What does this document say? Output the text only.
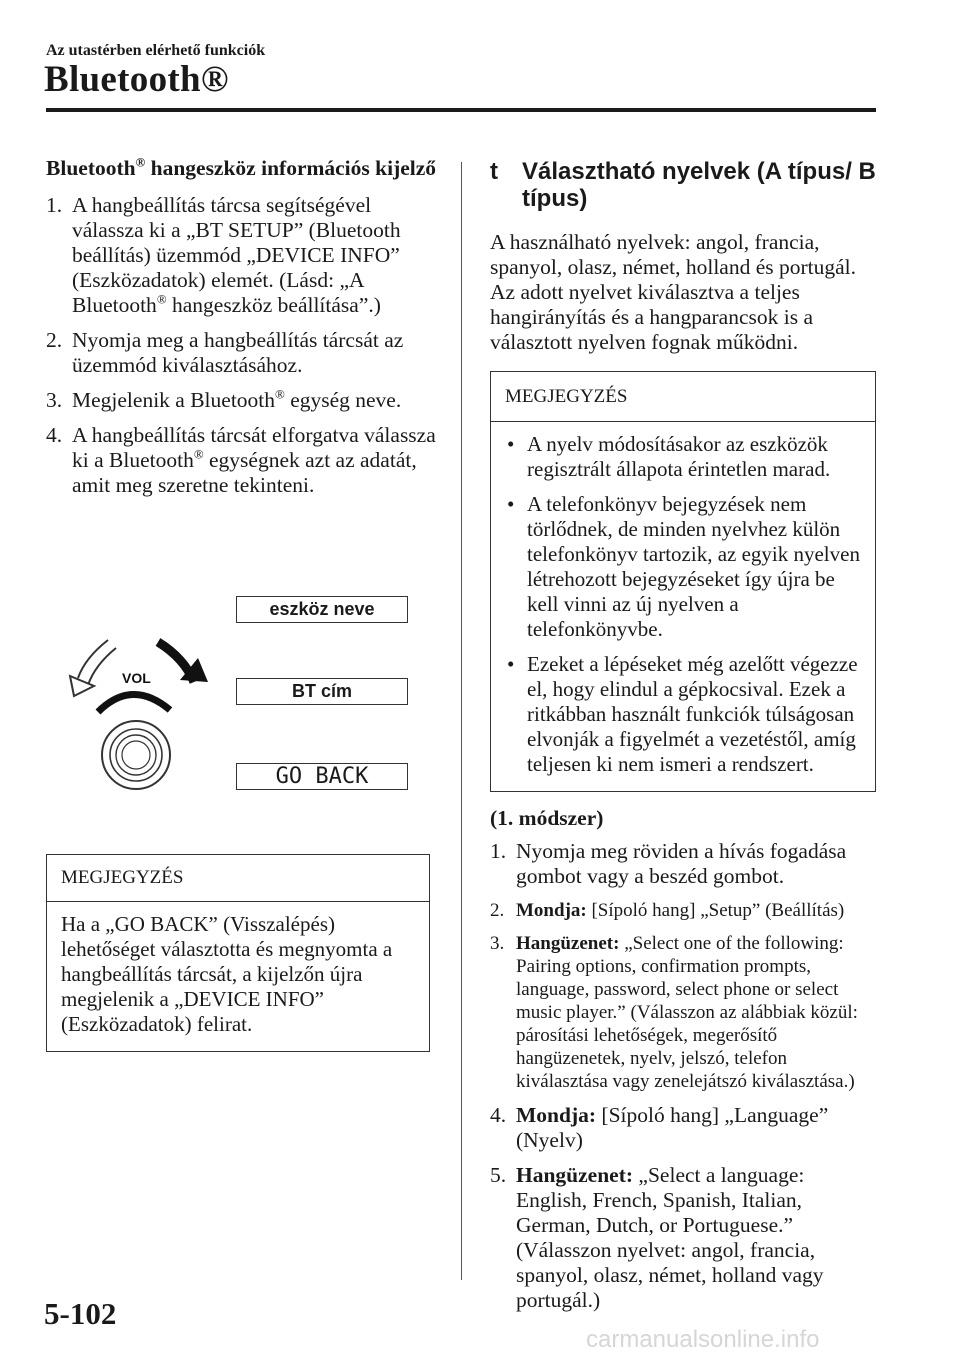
Az utastérben elérhető funkciók
Bluetooth®
Bluetooth® hangeszköz információs kijelző
1. A hangbeállítás tárcsa segítségével válassza ki a „BT SETUP” (Bluetooth beállítás) üzemmód „DEVICE INFO” (Eszközadatok) elemét. (Lásd: „A Bluetooth® hangeszköz beállítása”.)
2. Nyomja meg a hangbeállítás tárcsát az üzemmód kiválasztásához.
3. Megjelenik a Bluetooth® egység neve.
4. A hangbeállítás tárcsát elforgatva válassza ki a Bluetooth® egységnek azt az adatát, amit meg szeretne tekinteni.
VOL
eszköz neve
BT cím
GO BACK
MEGJEGYZÉS
Ha a „GO BACK” (Visszalépés) lehetőséget választotta és megnyomta a hangbeállítás tárcsát, a kijelzőn újra megjelenik a „DEVICE INFO” (Eszközadatok) felirat.
t Választható nyelvek (A típus/ B típus)
A használható nyelvek: angol, francia, spanyol, olasz, német, holland és portugál. Az adott nyelvet kiválasztva a teljes hangirányítás és a hangparancsok is a választott nyelven fognak működni.
MEGJEGYZÉS
• A nyelv módosításakor az eszközök regisztrált állapota érintetlen marad.
• A telefonkönyv bejegyzések nem törlődnek, de minden nyelvhez külön telefonkönyv tartozik, az egyik nyelven létrehozott bejegyzéseket így újra be kell vinni az új nyelven a telefonkönyvbe.
• Ezeket a lépéseket még azelőtt végezze el, hogy elindul a gépkocsival. Ezek a ritkábban használt funkciók túlságosan elvonják a figyelmét a vezetéstől, amíg teljesen ki nem ismeri a rendszert.
(1. módszer)
1. Nyomja meg röviden a hívás fogadása gombot vagy a beszéd gombot.
2. Mondja: [Sípoló hang] „Setup” (Beállítás)
3. Hangüzenet: „Select one of the following: Pairing options, confirmation prompts, language, password, select phone or select music player.” (Válasszon az alábbiak közül: párosítási lehetőségek, megerősítő hangüzenetek, nyelv, jelszó, telefon kiválasztása vagy zenelejátszó kiválasztása.)
4. Mondja: [Sípoló hang] „Language” (Nyelv)
5. Hangüzenet: „Select a language: English, French, Spanish, Italian, German, Dutch, or Portuguese.” (Válasszon nyelvet: angol, francia, spanyol, olasz, német, holland vagy portugál.)
5-102
carmanualsonline.info
